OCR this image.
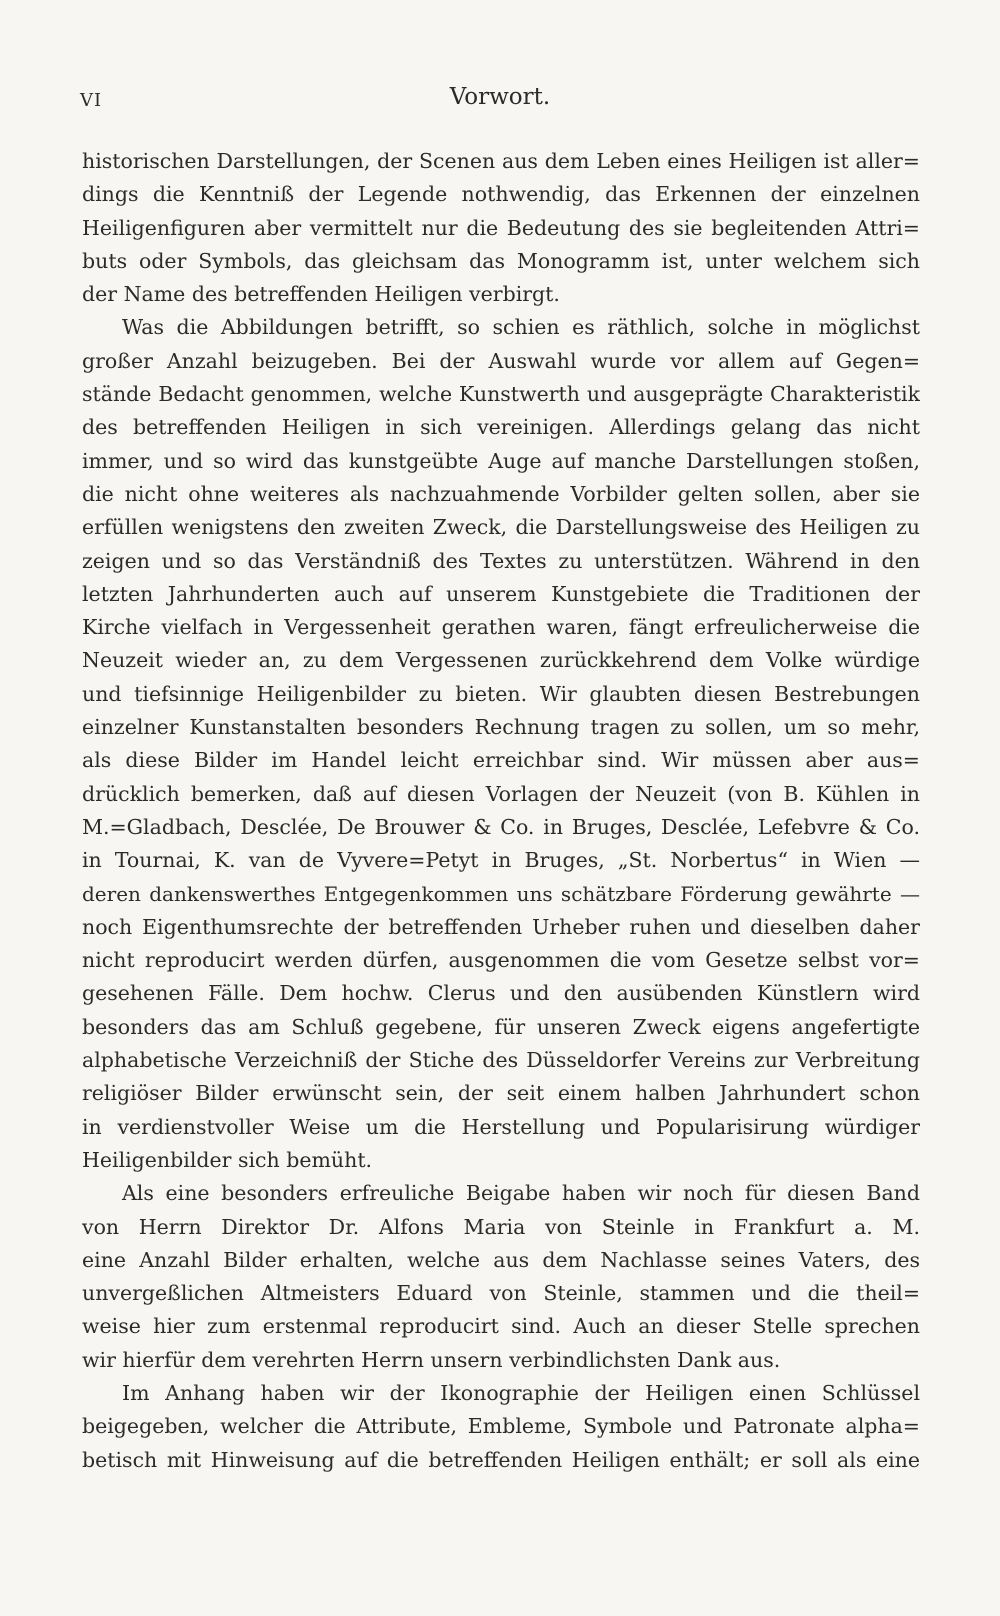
VI	Vorwort.
historischen Darstellungen, der Scenen aus dem Leben eines Heiligen ist aller=
dings die Kenntniß der Legende nothwendig, das Erkennen der einzelnen
Heiligenfiguren aber vermittelt nur die Bedeutung des sie begleitenden Attri=
buts oder Symbols, das gleichsam das Monogramm ist, unter welchem sich
der Name des betreffenden Heiligen verbirgt.
Was die Abbildungen betrifft, so schien es räthlich, solche in möglichst
großer Anzahl beizugeben. Bei der Auswahl wurde vor allem auf Gegen=
stände Bedacht genommen, welche Kunstwerth und ausgeprägte Charakteristik
des betreffenden Heiligen in sich vereinigen. Allerdings gelang das nicht
immer, und so wird das kunstgeübte Auge auf manche Darstellungen stoßen,
die nicht ohne weiteres als nachzuahmende Vorbilder gelten sollen, aber sie
erfüllen wenigstens den zweiten Zweck, die Darstellungsweise des Heiligen zu
zeigen und so das Verständniß des Textes zu unterstützen. Während in den
letzten Jahrhunderten auch auf unserem Kunstgebiete die Traditionen der
Kirche vielfach in Vergessenheit gerathen waren, fängt erfreulicherweise die
Neuzeit wieder an, zu dem Vergessenen zurückkehrend dem Volke würdige
und tiefsinnige Heiligenbilder zu bieten. Wir glaubten diesen Bestrebungen
einzelner Kunstanstalten besonders Rechnung tragen zu sollen, um so mehr,
als diese Bilder im Handel leicht erreichbar sind. Wir müssen aber aus=
drücklich bemerken, daß auf diesen Vorlagen der Neuzeit (von B. Kühlen in
M.=Gladbach, Desclée, De Brouwer & Co. in Bruges, Desclée, Lefebvre & Co.
in Tournai, K. van de Vyvere=Petyt in Bruges, „St. Norbertus“ in Wien —
deren dankenswerthes Entgegenkommen uns schätzbare Förderung gewährte —
noch Eigenthumsrechte der betreffenden Urheber ruhen und dieselben daher
nicht reproducirt werden dürfen, ausgenommen die vom Gesetze selbst vor=
gesehenen Fälle. Dem hochw. Clerus und den ausübenden Künstlern wird
besonders das am Schluß gegebene, für unseren Zweck eigens angefertigte
alphabetische Verzeichniß der Stiche des Düsseldorfer Vereins zur Verbreitung
religiöser Bilder erwünscht sein, der seit einem halben Jahrhundert schon
in verdienstvoller Weise um die Herstellung und Popularisirung würdiger
Heiligenbilder sich bemüht.
Als eine besonders erfreuliche Beigabe haben wir noch für diesen Band
von Herrn Direktor Dr. Alfons Maria von Steinle in Frankfurt a. M.
eine Anzahl Bilder erhalten, welche aus dem Nachlasse seines Vaters, des
unvergeßlichen Altmeisters Eduard von Steinle, stammen und die theil=
weise hier zum erstenmal reproducirt sind. Auch an dieser Stelle sprechen
wir hierfür dem verehrten Herrn unsern verbindlichsten Dank aus.
Im Anhang haben wir der Ikonographie der Heiligen einen Schlüssel
beigegeben, welcher die Attribute, Embleme, Symbole und Patronate alpha=
betisch mit Hinweisung auf die betreffenden Heiligen enthält; er soll als eine
